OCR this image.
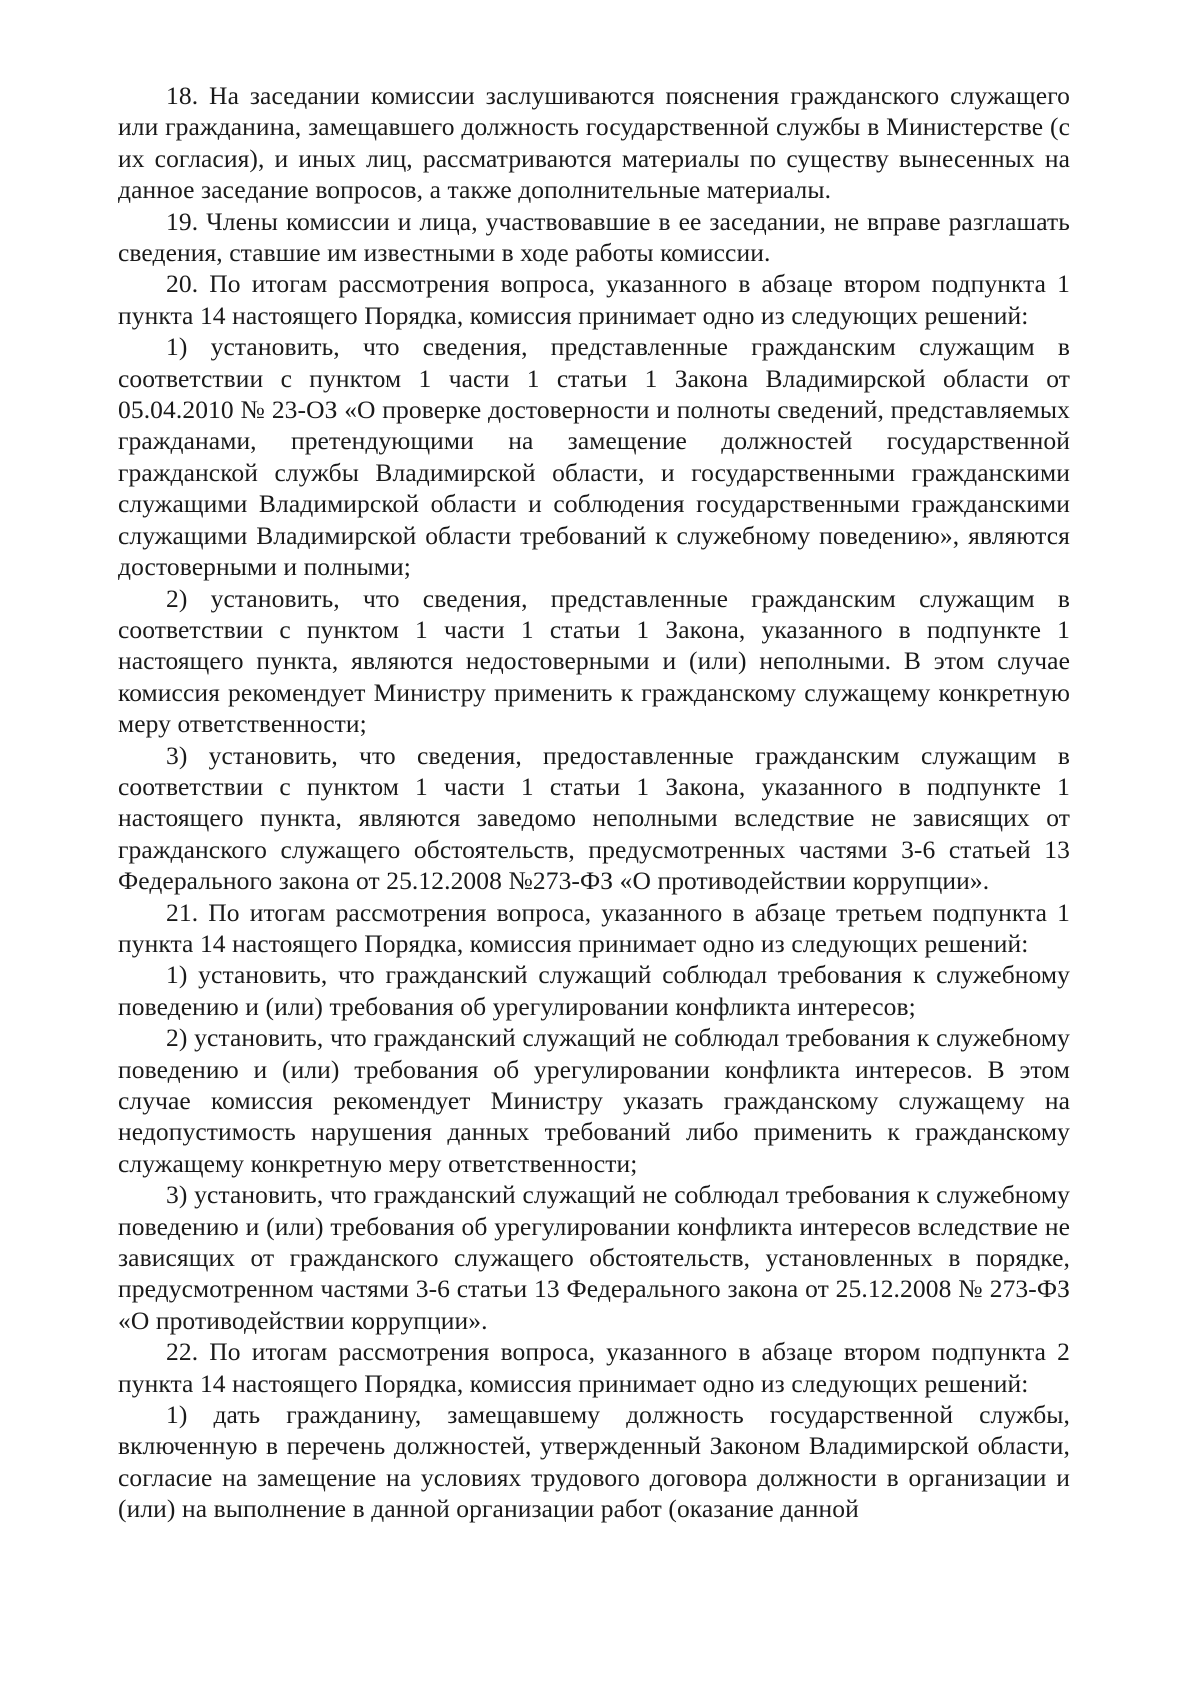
18. На заседании комиссии заслушиваются пояснения гражданского служащего или гражданина, замещавшего должность государственной службы в Министерстве (с их согласия), и иных лиц, рассматриваются материалы по существу вынесенных на данное заседание вопросов, а также дополнительные материалы.

19. Члены комиссии и лица, участвовавшие в ее заседании, не вправе разглашать сведения, ставшие им известными в ходе работы комиссии.

20. По итогам рассмотрения вопроса, указанного в абзаце втором подпункта 1 пункта 14 настоящего Порядка, комиссия принимает одно из следующих решений:

1) установить, что сведения, представленные гражданским служащим в соответствии с пунктом 1 части 1 статьи 1 Закона Владимирской области от 05.04.2010 № 23-ОЗ «О проверке достоверности и полноты сведений, представляемых гражданами, претендующими на замещение должностей государственной гражданской службы Владимирской области, и государственными гражданскими служащими Владимирской области и соблюдения государственными гражданскими служащими Владимирской области требований к служебному поведению», являются достоверными и полными;

2) установить, что сведения, представленные гражданским служащим в соответствии с пунктом 1 части 1 статьи 1 Закона, указанного в подпункте 1 настоящего пункта, являются недостоверными и (или) неполными. В этом случае комиссия рекомендует Министру применить к гражданскому служащему конкретную меру ответственности;

3) установить, что сведения, предоставленные гражданским служащим в соответствии с пунктом 1 части 1 статьи 1 Закона, указанного в подпункте 1 настоящего пункта, являются заведомо неполными вследствие не зависящих от гражданского служащего обстоятельств, предусмотренных частями 3-6 статьей 13 Федерального закона от 25.12.2008 №273-ФЗ «О противодействии коррупции».

21. По итогам рассмотрения вопроса, указанного в абзаце третьем подпункта 1 пункта 14 настоящего Порядка, комиссия принимает одно из следующих решений:

1) установить, что гражданский служащий соблюдал требования к служебному поведению и (или) требования об урегулировании конфликта интересов;

2) установить, что гражданский служащий не соблюдал требования к служебному поведению и (или) требования об урегулировании конфликта интересов. В этом случае комиссия рекомендует Министру указать гражданскому служащему на недопустимость нарушения данных требований либо применить к гражданскому служащему конкретную меру ответственности;

3) установить, что гражданский служащий не соблюдал требования к служебному поведению и (или) требования об урегулировании конфликта интересов вследствие не зависящих от гражданского служащего обстоятельств, установленных в порядке, предусмотренном частями 3-6 статьи 13 Федерального закона от 25.12.2008 № 273-ФЗ «О противодействии коррупции».

22. По итогам рассмотрения вопроса, указанного в абзаце втором подпункта 2 пункта 14 настоящего Порядка, комиссия принимает одно из следующих решений:

1) дать гражданину, замещавшему должность государственной службы, включенную в перечень должностей, утвержденный Законом Владимирской области, согласие на замещение на условиях трудового договора должности в организации и (или) на выполнение в данной организации работ (оказание данной
